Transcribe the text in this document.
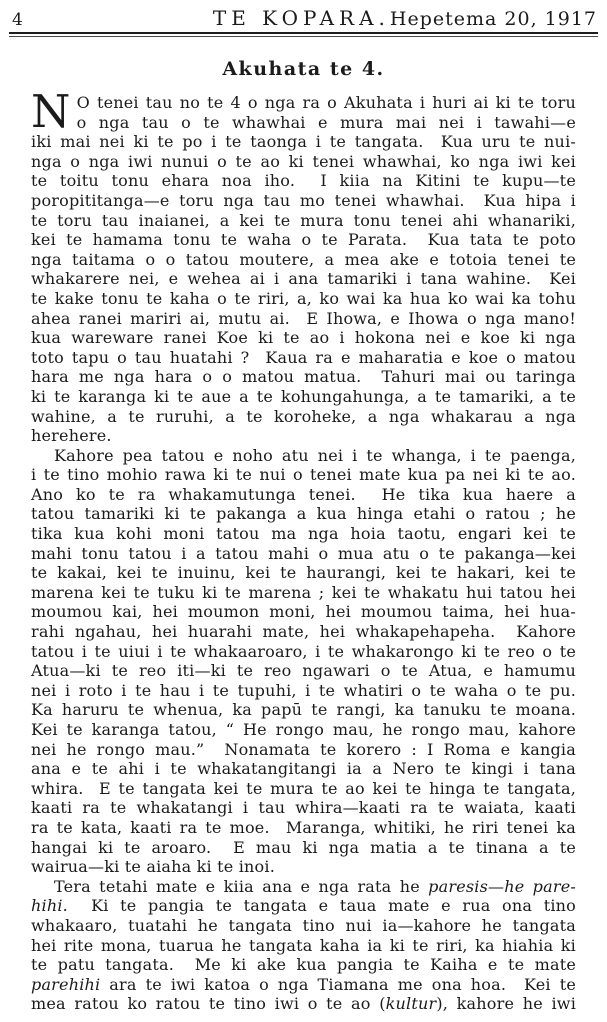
4	TE KOPARA. Hepetema 20, 1917
Akuhata te 4.
N O tenei tau no te 4 o nga ra o Akuhata i huri ai ki te toru
o nga tau o te whawhai e mura mai nei i tawahi—e
iki mai nei ki te po i te taonga i te tangata.  Kua uru te nui-
nga o nga iwi nunui o te ao ki tenei whawhai, ko nga iwi kei
te toitu tonu ehara noa iho.  I kiia na Kitini te kupu—te
poropititanga—e toru nga tau mo tenei whawhai.  Kua hipa i
te toru tau inaianei, a kei te mura tonu tenei ahi whanariki,
kei te hamama tonu te waha o te Parata.  Kua tata te poto
nga taitama o o tatou moutere, a mea ake e totoia tenei te
whakarere nei, e wehea ai i ana tamariki i tana wahine.  Kei
te kake tonu te kaha o te riri, a, ko wai ka hua ko wai ka tohu
ahea ranei mariri ai, mutu ai.  E Ihowa, e Ihowa o nga mano!
kua wareware ranei Koe ki te ao i hokona nei e koe ki nga
toto tapu o tau huatahi ?  Kaua ra e maharatia e koe o matou
hara me nga hara o o matou matua.  Tahuri mai ou taringa
ki te karanga ki te aue a te kohungahunga, a te tamariki, a te
wahine, a te ruruhi, a te koroheke, a nga whakarau a nga
herehere.
Kahore pea tatou e noho atu nei i te whanga, i te paenga,
i te tino mohio rawa ki te nui o tenei mate kua pa nei ki te ao.
Ano ko te ra whakamutunga tenei.  He tika kua haere a
tatou tamariki ki te pakanga a kua hinga etahi o ratou ; he
tika kua kohi moni tatou ma nga hoia taotu, engari kei te
mahi tonu tatou i a tatou mahi o mua atu o te pakanga—kei
te kakai, kei te inuinu, kei te haurangi, kei te hakari, kei te
marena kei te tuku ki te marena ; kei te whakatu hui tatou hei
moumou kai, hei moumon moni, hei moumou taima, hei hua-
rahi ngahau, hei huarahi mate, hei whakapehapeha.  Kahore
tatou i te uiui i te whakaaroaro, i te whakarongo ki te reo o te
Atua—ki te reo iti—ki te reo ngawari o te Atua, e hamumu
nei i roto i te hau i te tupuhi, i te whatiri o te waha o te pu.
Ka haruru te whenua, ka papū te rangi, ka tanuku te moana.
Kei te karanga tatou, “ He rongo mau, he rongo mau, kahore
nei he rongo mau.”  Nonamata te korero : I Roma e kangia
ana e te ahi i te whakatangitangi ia a Nero te kingi i tana
whira.  E te tangata kei te mura te ao kei te hinga te tangata,
kaati ra te whakatangi i tau whira—kaati ra te waiata, kaati
ra te kata, kaati ra te moe.  Maranga, whitiki, he riri tenei ka
hangai ki te aroaro.  E mau ki nga matia a te tinana a te
wairua—ki te aiaha ki te inoi.
Tera tetahi mate e kiia ana e nga rata he paresis—he pare-
hihi.  Ki te pangia te tangata e taua mate e rua ona tino
whakaaro, tuatahi he tangata tino nui ia—kahore he tangata
hei rite mona, tuarua he tangata kaha ia ki te riri, ka hiahia ki
te patu tangata.  Me ki ake kua pangia te Kaiha e te mate
parehihi ara te iwi katoa o nga Tiamana me ona hoa.  Kei te
mea ratou ko ratou te tino iwi o te ao (kultur), kahore he iwi
